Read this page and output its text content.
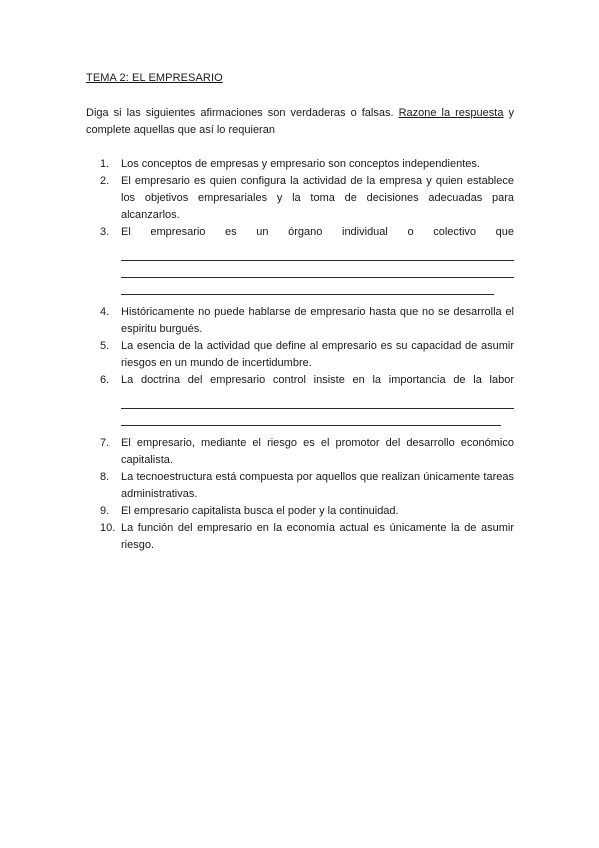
TEMA 2: EL EMPRESARIO
Diga si las siguientes afirmaciones son verdaderas o falsas. Razone la respuesta y complete aquellas que así lo requieran
1. Los conceptos de empresas y empresario son conceptos independientes.
2. El empresario es quien configura la actividad de la empresa y quien establece los objetivos empresariales y la toma de decisiones adecuadas para alcanzarlos.
3. El empresario es un órgano individual o colectivo que
4. Históricamente no puede hablarse de empresario hasta que no se desarrolla el espiritu burgués.
5. La esencia de la actividad que define al empresario es su capacidad de asumir riesgos en un mundo de incertidumbre.
6. La doctrina del empresario control insiste en la importancia de la labor
7. El empresario, mediante el riesgo es el promotor del desarrollo económico capitalista.
8. La tecnoestructura está compuesta por aquellos que realizan únicamente tareas administrativas.
9. El empresario capitalista busca el poder y la continuidad.
10. La función del empresario en la economía actual es únicamente la de asumir riesgo.
